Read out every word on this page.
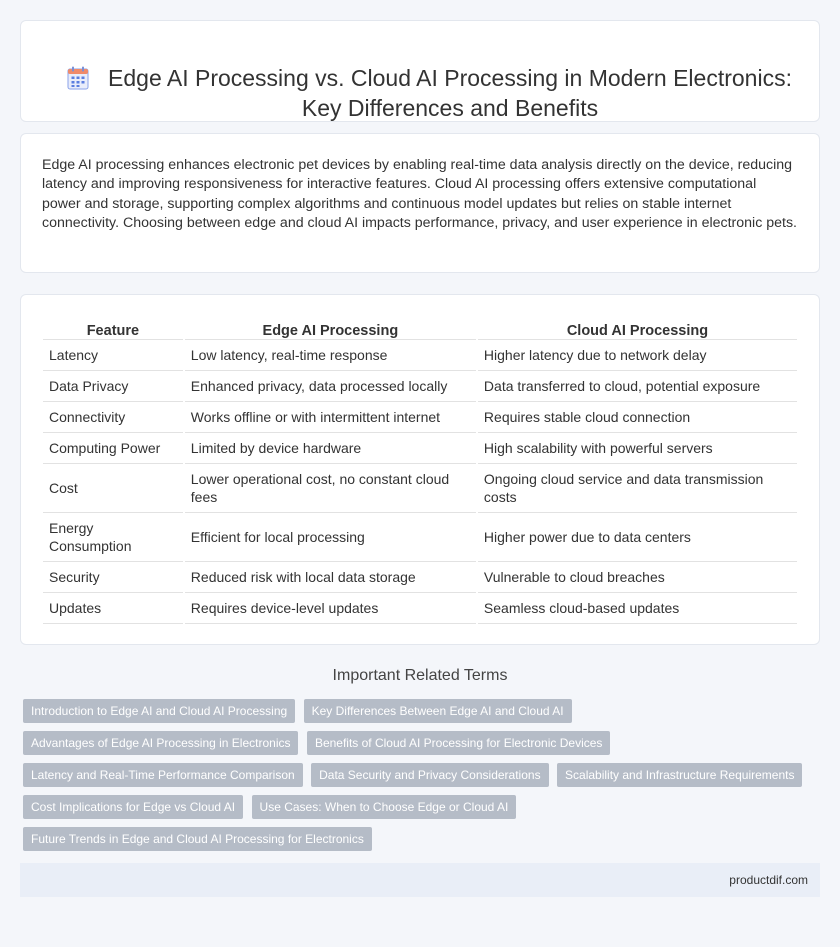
Edge AI Processing vs. Cloud AI Processing in Modern Electronics: Key Differences and Benefits

Edge AI processing enhances electronic pet devices by enabling real-time data analysis directly on the device, reducing latency and improving responsiveness for interactive features. Cloud AI processing offers extensive computational power and storage, supporting complex algorithms and continuous model updates but relies on stable internet connectivity. Choosing between edge and cloud AI impacts performance, privacy, and user experience in electronic pets.

Feature	Edge AI Processing	Cloud AI Processing
Latency	Low latency, real-time response	Higher latency due to network delay
Data Privacy	Enhanced privacy, data processed locally	Data transferred to cloud, potential exposure
Connectivity	Works offline or with intermittent internet	Requires stable cloud connection
Computing Power	Limited by device hardware	High scalability with powerful servers
Cost	Lower operational cost, no constant cloud fees	Ongoing cloud service and data transmission costs
Energy Consumption	Efficient for local processing	Higher power due to data centers
Security	Reduced risk with local data storage	Vulnerable to cloud breaches
Updates	Requires device-level updates	Seamless cloud-based updates
Important Related Terms
Introduction to Edge AI and Cloud AI Processing Key Differences Between Edge AI and Cloud AI
Advantages of Edge AI Processing in Electronics Benefits of Cloud AI Processing for Electronic Devices
Latency and Real-Time Performance Comparison Data Security and Privacy Considerations Scalability and Infrastructure Requirements
Cost Implications for Edge vs Cloud AI Use Cases: When to Choose Edge or Cloud AI
Future Trends in Edge and Cloud AI Processing for Electronics
productdif.com
